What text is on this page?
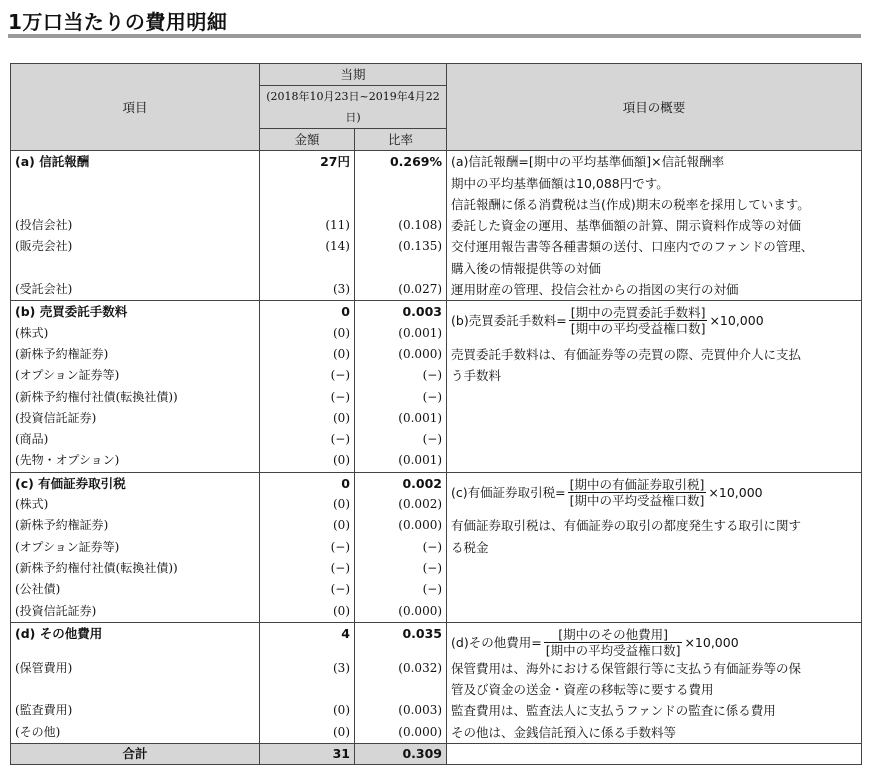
1万口当たりの費用明細
項目	当期		項目の概要
	(2018年10月23日~2019年4月22日)		
	金額	比率	
(a) 信託報酬	27円	0.269%	(a)信託報酬=[期中の平均基準価額]×信託報酬率
			期中の平均基準価額は10,088円です。
			信託報酬に係る消費税は当(作成)期末の税率を採用しています。
(投信会社)	(11)	(0.108)	委託した資金の運用、基準価額の計算、開示資料作成等の対価
(販売会社)	(14)	(0.135)	交付運用報告書等各種書類の送付、口座内でのファンドの管理、
			購入後の情報提供等の対価
(受託会社)	(3)	(0.027)	運用財産の管理、投信会社からの指図の実行の対価
(b) 売買委託手数料	0	0.003	(b)売買委託手数料= $\frac{\text{[期中の売買委託手数料]}}{\text{[期中の平均受益権口数]}} \times 10,000$

(株式)	(0)	(0.001)	
(新株予約権証券)	(0)	(0.000)	売買委託手数料は、有価証券等の売買の際、売買仲介人に支払
(オプション証券等)	(−)	(−)	う手数料
(新株予約権付社債(転換社債))	(−)	(−)	
(投資信託証券)	(0)	(0.001)	
(商品)	(−)	(−)	
(先物・オプション)	(0)	(0.001)	
(c) 有価証券取引税	0	0.002	(c)有価証券取引税= $\frac{\text{[期中の有価証券取引税]}}{\text{[期中の平均受益権口数]}} \times 10,000$

(株式)	(0)	(0.002)	
(新株予約権証券)	(0)	(0.000)	有価証券取引税は、有価証券の取引の都度発生する取引に関す
(オプション証券等)	(−)	(−)	る税金
(新株予約権付社債(転換社債))	(−)	(−)	
(公社債)	(−)	(−)	
(投資信託証券)	(0)	(0.000)	
(d) その他費用	4	0.035	(d)その他費用= $\frac{\text{[期中のその他費用]}}{\text{[期中の平均受益権口数]}} \times 10,000$

(保管費用)	(3)	(0.032)	保管費用は、海外における保管銀行等に支払う有価証券等の保
			管及び資金の送金・資産の移転等に要する費用
(監査費用)	(0)	(0.003)	監査費用は、監査法人に支払うファンドの監査に係る費用
(その他)	(0)	(0.000)	その他は、金銭信託預入に係る手数料等
合計	31	0.309	
